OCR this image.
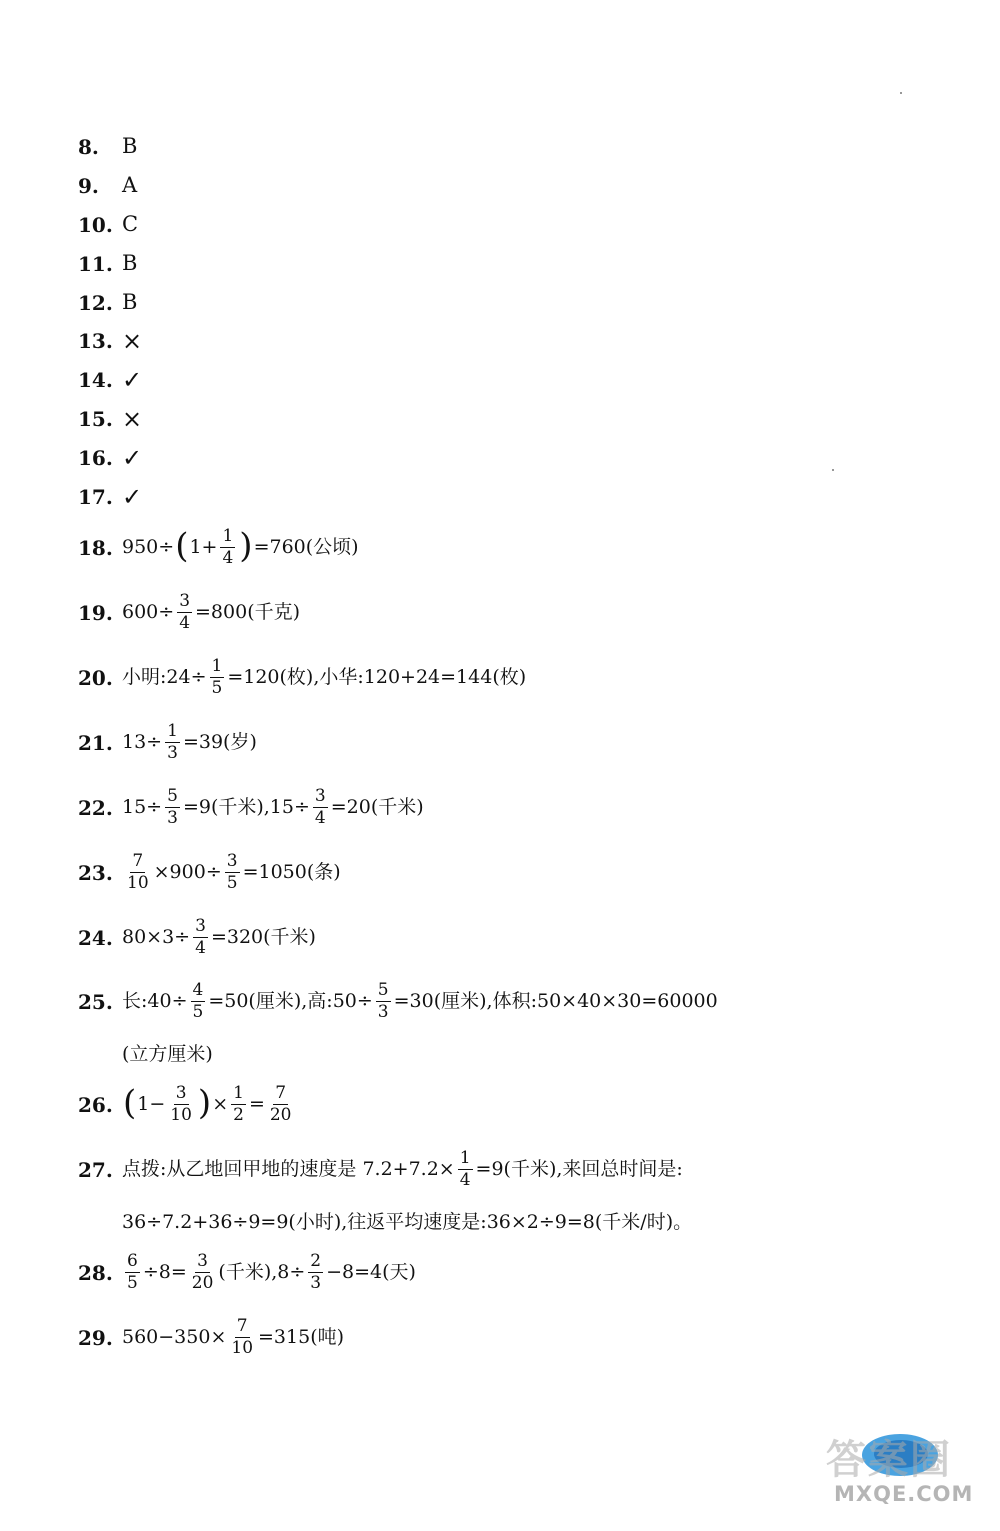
8.	B
9.	A
10. C
11. B
12. B
13. ×
14. ✓
15. ×
16. ✓
17. ✓
18. 950÷ ( $1+ \frac{1}{4}$ ) =760(公顷)
19. $600\div \frac{3}{4} =800$(千克)
20. 小明:24÷ $\frac{1}{5} =120$(枚),小华:120+24=144(枚)
21. $13\div \frac{1}{3} =39$(岁)
22. $15\div \frac{5}{3} =9$(千米)$,15\div \frac{3}{4} =20$(千米)
23. $\frac{7}{10} \times 900\div \frac{3}{5} =1050$(条)
24. $80\times 3\div \frac{3}{4} =320$(千米)
25. 长:40÷ $\frac{4}{5} =50$(厘米),高:50÷ $\frac{5}{3} =30$(厘米),体积:50×40×30=60000
(立方厘米)
26. ( $1- \frac{3}{10}$ ) × $\frac{1}{2} = \frac{7}{20}$
27. 点拨:从乙地回甲地的速度是 $7.2+7.2\times \frac{1}{4} =9$(千米),来回总时间是:
36÷7.2+36÷9=9(小时),往返平均速度是:36×2÷9=8(千米/时)。
28. $\frac{6}{5} \div 8= \frac{3}{20}$ (千米)$,8\div \frac{2}{3} -8=4$(天)
29. $560-350\times \frac{7}{10} =315$(吨)
答案圈
MXQE.COM
